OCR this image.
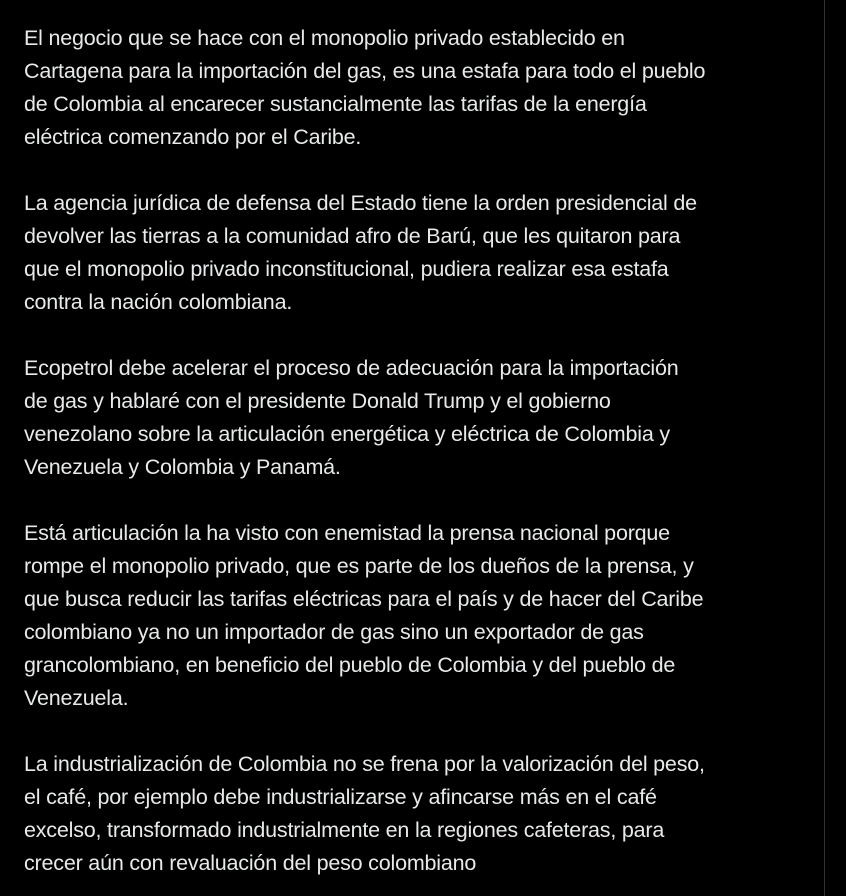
El negocio que se hace con el monopolio privado establecido en
Cartagena para la importación del gas, es una estafa para todo el pueblo
de Colombia al encarecer sustancialmente las tarifas de la energía
eléctrica comenzando por el Caribe.

La agencia jurídica de defensa del Estado tiene la orden presidencial de
devolver las tierras a la comunidad afro de Barú, que les quitaron para
que el monopolio privado inconstitucional, pudiera realizar esa estafa
contra la nación colombiana.

Ecopetrol debe acelerar el proceso de adecuación para la importación
de gas y hablaré con el presidente Donald Trump y el gobierno
venezolano sobre la articulación energética y eléctrica de Colombia y
Venezuela y Colombia y Panamá.

Está articulación la ha visto con enemistad la prensa nacional porque
rompe el monopolio privado, que es parte de los dueños de la prensa, y
que busca reducir las tarifas eléctricas para el país y de hacer del Caribe
colombiano ya no un importador de gas sino un exportador de gas
grancolombiano, en beneficio del pueblo de Colombia y del pueblo de
Venezuela.

La industrialización de Colombia no se frena por la valorización del peso,
el café, por ejemplo debe industrializarse y afincarse más en el café
excelso, transformado industrialmente en la regiones cafeteras, para
crecer aún con revaluación del peso colombiano
